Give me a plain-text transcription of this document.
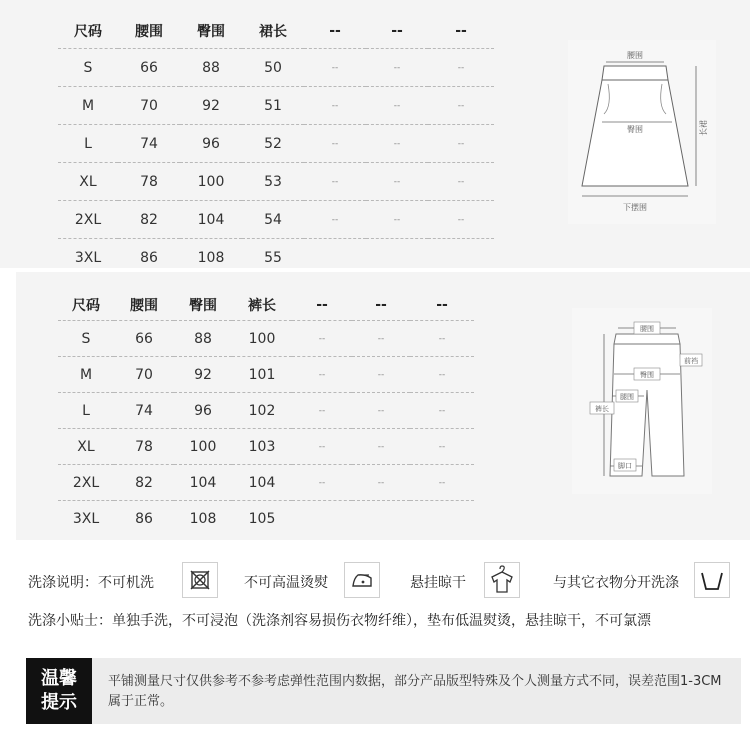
尺码	腰围	臀围	裙长	--	--	--
S	66	88	50	--	--	--
M	70	92	51	--	--	--
L	74	96	52	--	--	--
XL	78	100	53	--	--	--
2XL	82	104	54	--	--	--
3XL	86	108	55			
腰围
臀围	长裙
下摆围
尺码	腰围	臀围	裤长	--	--	--
S	66	88	100	--	--	--
M	70	92	101	--	--	--
L	74	96	102	--	--	--
XL	78	100	103	--	--	--
2XL	82	104	104	--	--	--
3XL	86	108	105			
腰围
前裆
臀围
裤长
腿围
脚口
洗涤说明：不可机洗	不可高温烫熨	悬挂晾干	与其它衣物分开洗涤
洗涤小贴士：单独手洗，不可浸泡（洗涤剂容易损伤衣物纤维），垫布低温熨烫，悬挂晾干，不可氯漂
温馨
提示
平铺测量尺寸仅供参考不参考虑弹性范围内数据，部分产品版型特殊及个人测量方式不同，误差范围1-3CM属于正常。
